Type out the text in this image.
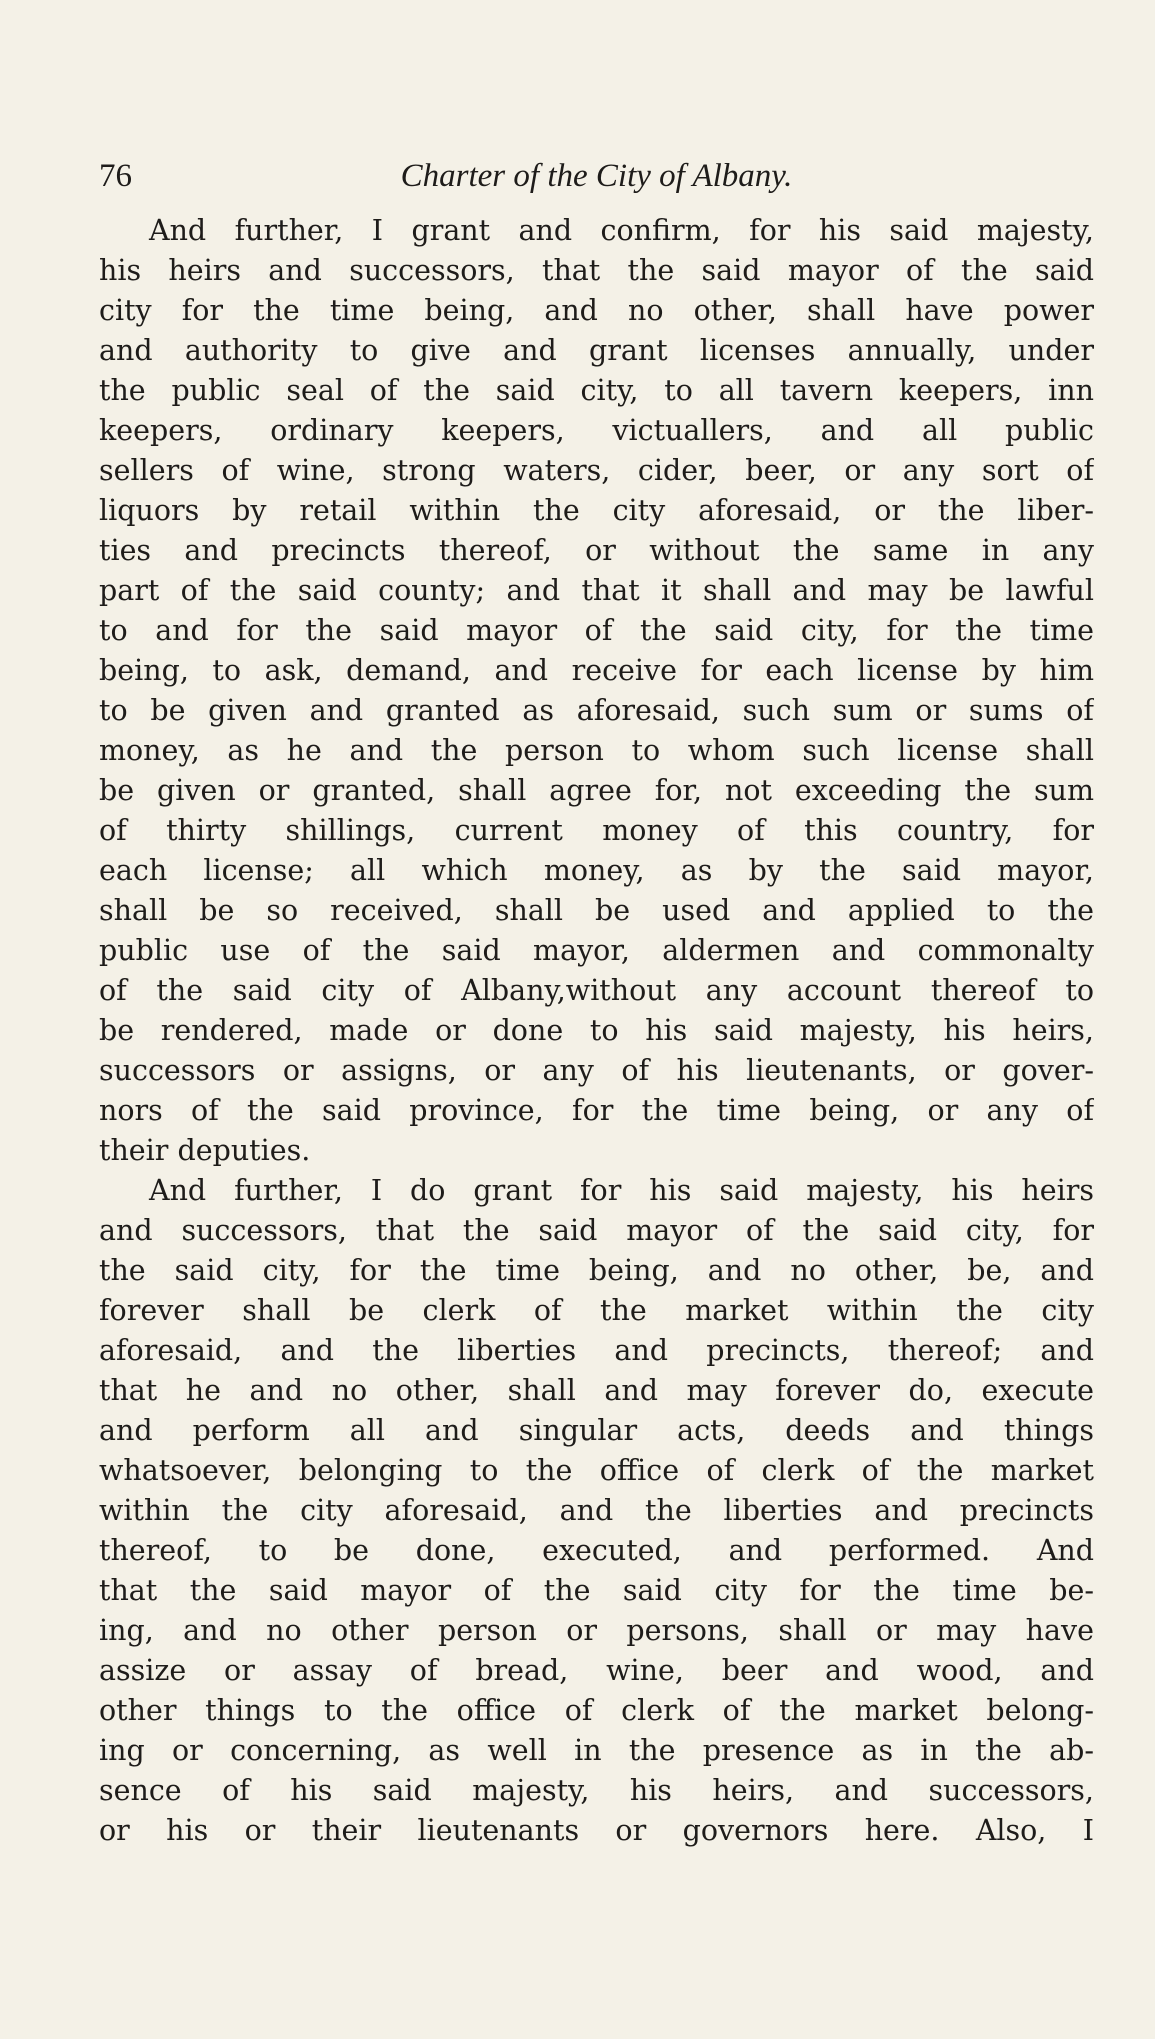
76	Charter of the City of Albany.
And further, I grant and confirm, for his said majesty,
his heirs and successors, that the said mayor of the said
city for the time being, and no other, shall have power
and authority to give and grant licenses annually, under
the public seal of the said city, to all tavern keepers, inn
keepers, ordinary keepers, victuallers, and all public
sellers of wine, strong waters, cider, beer, or any sort of
liquors by retail within the city aforesaid, or the liber-
ties and precincts thereof, or without the same in any
part of the said county; and that it shall and may be lawful
to and for the said mayor of the said city, for the time
being, to ask, demand, and receive for each license by him
to be given and granted as aforesaid, such sum or sums of
money, as he and the person to whom such license shall
be given or granted, shall agree for, not exceeding the sum
of thirty shillings, current money of this country, for
each license; all which money, as by the said mayor,
shall be so received, shall be used and applied to the
public use of the said mayor, aldermen and commonalty
of the said city of Albany,without any account thereof to
be rendered, made or done to his said majesty, his heirs,
successors or assigns, or any of his lieutenants, or gover-
nors of the said province, for the time being, or any of
their deputies.
And further, I do grant for his said majesty, his heirs
and successors, that the said mayor of the said city, for
the said city, for the time being, and no other, be, and
forever shall be clerk of the market within the city
aforesaid, and the liberties and precincts, thereof; and
that he and no other, shall and may forever do, execute
and perform all and singular acts, deeds and things
whatsoever, belonging to the office of clerk of the market
within the city aforesaid, and the liberties and precincts
thereof, to be done, executed, and performed. And
that the said mayor of the said city for the time be-
ing, and no other person or persons, shall or may have
assize or assay of bread, wine, beer and wood, and
other things to the office of clerk of the market belong-
ing or concerning, as well in the presence as in the ab-
sence of his said majesty, his heirs, and successors,
or his or their lieutenants or governors here. Also, I
